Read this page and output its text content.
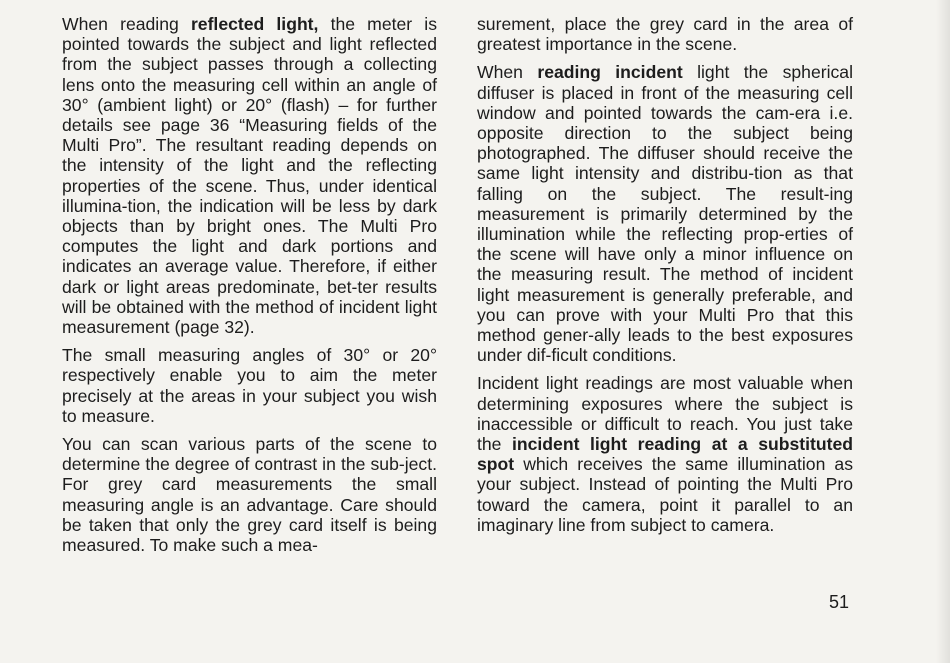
When reading reflected light, the meter is pointed towards the subject and light reflected from the subject passes through a collecting lens onto the measuring cell within an angle of 30° (ambient light) or 20° (flash) – for further details see page 36 “Measuring fields of the Multi Pro”. The resultant reading depends on the intensity of the light and the reflecting properties of the scene. Thus, under identical illumina-tion, the indication will be less by dark objects than by bright ones. The Multi Pro computes the light and dark portions and indicates an average value. Therefore, if either dark or light areas predominate, bet-ter results will be obtained with the method of incident light measurement (page 32).

The small measuring angles of 30° or 20° respectively enable you to aim the meter precisely at the areas in your subject you wish to measure.

You can scan various parts of the scene to determine the degree of contrast in the sub-ject. For grey card measurements the small measuring angle is an advantage. Care should be taken that only the grey card itself is being measured. To make such a mea-

surement, place the grey card in the area of greatest importance in the scene.

When reading incident light the spherical diffuser is placed in front of the measuring cell window and pointed towards the cam-era i.e. opposite direction to the subject being photographed. The diffuser should receive the same light intensity and distribu-tion as that falling on the subject. The result-ing measurement is primarily determined by the illumination while the reflecting prop-erties of the scene will have only a minor influence on the measuring result. The method of incident light measurement is generally preferable, and you can prove with your Multi Pro that this method gener-ally leads to the best exposures under dif-ficult conditions.

Incident light readings are most valuable when determining exposures where the subject is inaccessible or difficult to reach. You just take the incident light reading at a substituted spot which receives the same illumination as your subject. Instead of pointing the Multi Pro toward the camera, point it parallel to an imaginary line from subject to camera.

51
